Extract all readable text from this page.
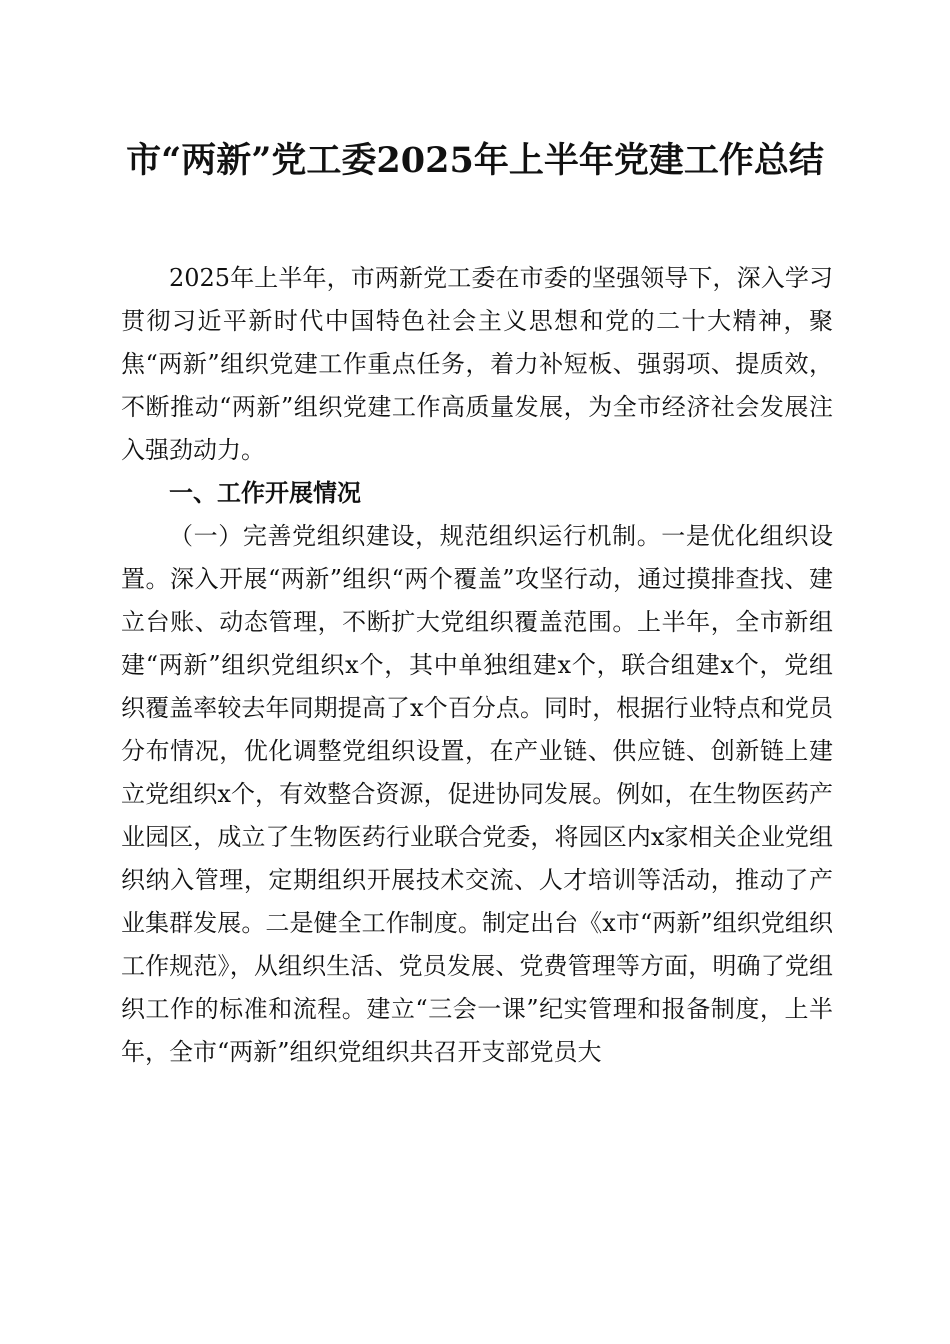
市“两新”党工委2025年上半年党建工作总结

2025年上半年，市两新党工委在市委的坚强领导下，深入学习贯彻习近平新时代中国特色社会主义思想和党的二十大精神，聚焦“两新”组织党建工作重点任务，着力补短板、强弱项、提质效，不断推动“两新”组织党建工作高质量发展，为全市经济社会发展注入强劲动力。

一、工作开展情况

（一）完善党组织建设，规范组织运行机制。一是优化组织设置。深入开展“两新”组织“两个覆盖”攻坚行动，通过摸排查找、建立台账、动态管理，不断扩大党组织覆盖范围。上半年，全市新组建“两新”组织党组织x个，其中单独组建x个，联合组建x个，党组织覆盖率较去年同期提高了x个百分点。同时，根据行业特点和党员分布情况，优化调整党组织设置，在产业链、供应链、创新链上建立党组织x个，有效整合资源，促进协同发展。例如，在生物医药产业园区，成立了生物医药行业联合党委，将园区内x家相关企业党组织纳入管理，定期组织开展技术交流、人才培训等活动，推动了产业集群发展。二是健全工作制度。制定出台《x市“两新”组织党组织工作规范》，从组织生活、党员发展、党费管理等方面，明确了党组织工作的标准和流程。建立“三会一课”纪实管理和报备制度，上半年，全市“两新”组织党组织共召开支部党员大
